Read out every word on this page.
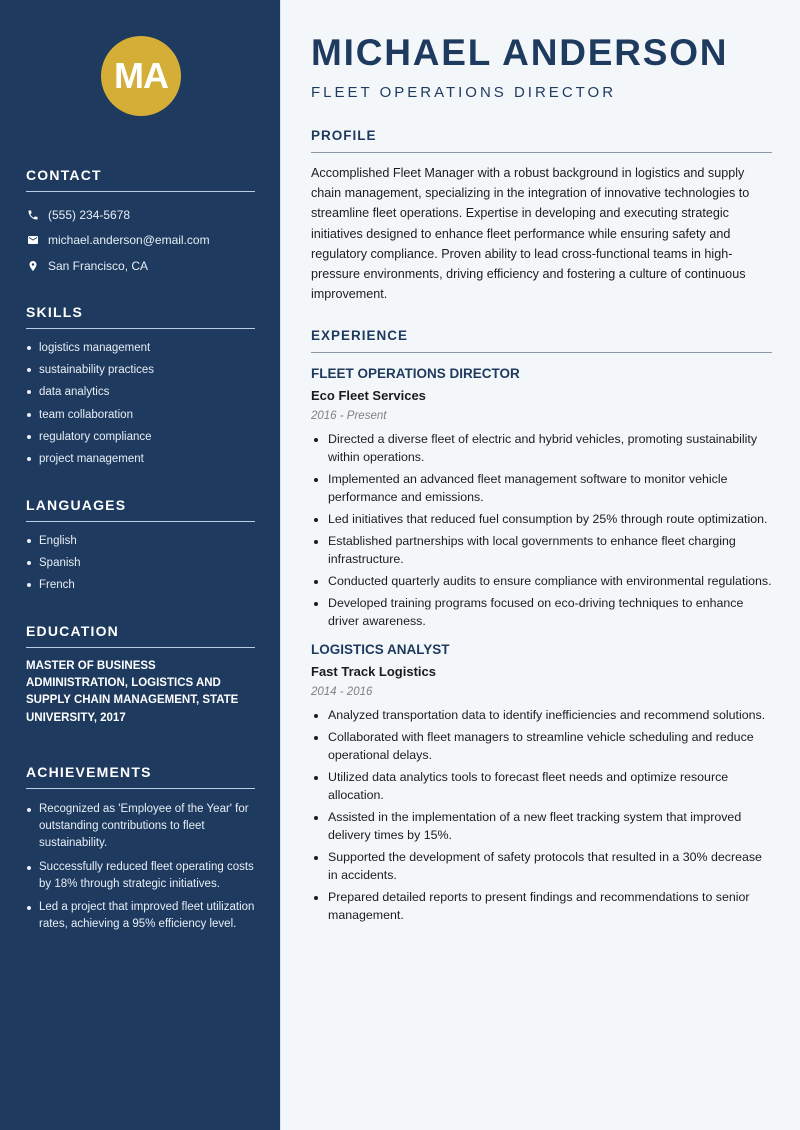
MA
CONTACT
(555) 234-5678
michael.anderson@email.com
San Francisco, CA
SKILLS
logistics management
sustainability practices
data analytics
team collaboration
regulatory compliance
project management
LANGUAGES
English
Spanish
French
EDUCATION

MASTER OF BUSINESS ADMINISTRATION, LOGISTICS AND SUPPLY CHAIN MANAGEMENT, STATE UNIVERSITY, 2017

ACHIEVEMENTS
Recognized as 'Employee of the Year' for outstanding contributions to fleet sustainability.
Successfully reduced fleet operating costs by 18% through strategic initiatives.
Led a project that improved fleet utilization rates, achieving a 95% efficiency level.
MICHAEL ANDERSON
FLEET OPERATIONS DIRECTOR
PROFILE

Accomplished Fleet Manager with a robust background in logistics and supply chain management, specializing in the integration of innovative technologies to streamline fleet operations. Expertise in developing and executing strategic initiatives designed to enhance fleet performance while ensuring safety and regulatory compliance. Proven ability to lead cross-functional teams in high-pressure environments, driving efficiency and fostering a culture of continuous improvement.

EXPERIENCE
FLEET OPERATIONS DIRECTOR
Eco Fleet Services
2016 - Present
Directed a diverse fleet of electric and hybrid vehicles, promoting sustainability within operations.
Implemented an advanced fleet management software to monitor vehicle performance and emissions.
Led initiatives that reduced fuel consumption by 25% through route optimization.
Established partnerships with local governments to enhance fleet charging infrastructure.
Conducted quarterly audits to ensure compliance with environmental regulations.
Developed training programs focused on eco-driving techniques to enhance driver awareness.
LOGISTICS ANALYST
Fast Track Logistics
2014 - 2016
Analyzed transportation data to identify inefficiencies and recommend solutions.
Collaborated with fleet managers to streamline vehicle scheduling and reduce operational delays.
Utilized data analytics tools to forecast fleet needs and optimize resource allocation.
Assisted in the implementation of a new fleet tracking system that improved delivery times by 15%.
Supported the development of safety protocols that resulted in a 30% decrease in accidents.
Prepared detailed reports to present findings and recommendations to senior management.
